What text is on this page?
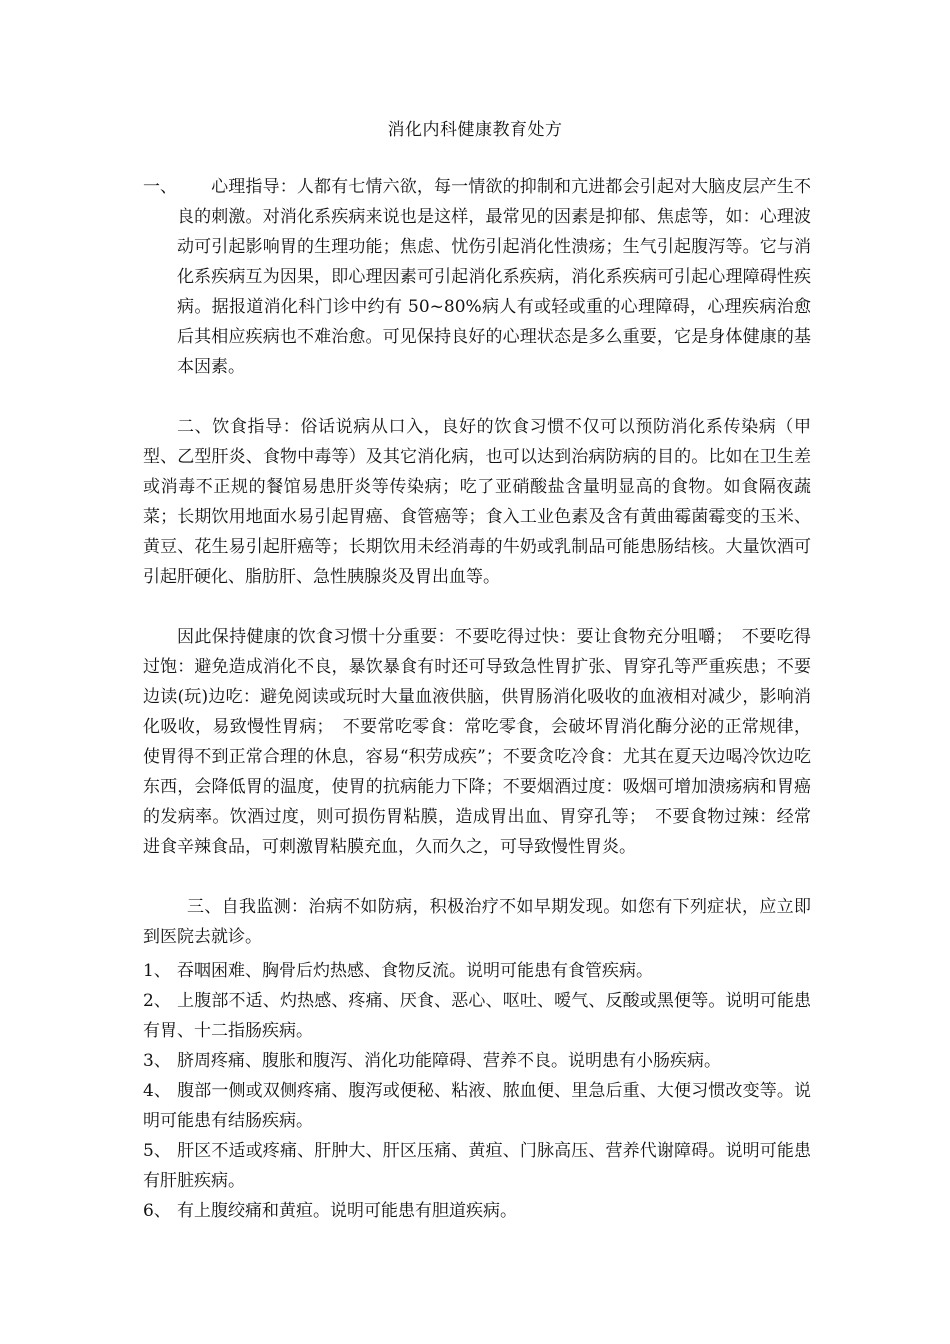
消化内科健康教育处方

一、 心理指导：人都有七情六欲，每一情欲的抑制和亢进都会引起对大脑皮层产生不良的刺激。对消化系疾病来说也是这样，最常见的因素是抑郁、焦虑等，如：心理波动可引起影响胃的生理功能；焦虑、忧伤引起消化性溃疡；生气引起腹泻等。它与消化系疾病互为因果，即心理因素可引起消化系疾病，消化系疾病可引起心理障碍性疾病。据报道消化科门诊中约有 50~80%病人有或轻或重的心理障碍，心理疾病治愈后其相应疾病也不难治愈。可见保持良好的心理状态是多么重要，它是身体健康的基本因素。

二、饮食指导：俗话说病从口入，良好的饮食习惯不仅可以预防消化系传染病（甲型、乙型肝炎、食物中毒等）及其它消化病，也可以达到治病防病的目的。比如在卫生差或消毒不正规的餐馆易患肝炎等传染病；吃了亚硝酸盐含量明显高的食物。如食隔夜蔬菜；长期饮用地面水易引起胃癌、食管癌等；食入工业色素及含有黄曲霉菌霉变的玉米、黄豆、花生易引起肝癌等；长期饮用未经消毒的牛奶或乳制品可能患肠结核。大量饮酒可引起肝硬化、脂肪肝、急性胰腺炎及胃出血等。

因此保持健康的饮食习惯十分重要：不要吃得过快：要让食物充分咀嚼；　不要吃得过饱：避免造成消化不良，暴饮暴食有时还可导致急性胃扩张、胃穿孔等严重疾患；不要边读(玩)边吃：避免阅读或玩时大量血液供脑，供胃肠消化吸收的血液相对减少，影响消化吸收，易致慢性胃病；　不要常吃零食：常吃零食，会破坏胃消化酶分泌的正常规律，使胃得不到正常合理的休息，容易“积劳成疾”；不要贪吃冷食：尤其在夏天边喝冷饮边吃东西，会降低胃的温度，使胃的抗病能力下降；不要烟酒过度：吸烟可增加溃疡病和胃癌的发病率。饮酒过度，则可损伤胃粘膜，造成胃出血、胃穿孔等；　不要食物过辣：经常进食辛辣食品，可刺激胃粘膜充血，久而久之，可导致慢性胃炎。

三、自我监测：治病不如防病，积极治疗不如早期发现。如您有下列症状，应立即到医院去就诊。

1、 吞咽困难、胸骨后灼热感、食物反流。说明可能患有食管疾病。

2、 上腹部不适、灼热感、疼痛、厌食、恶心、呕吐、嗳气、反酸或黑便等。说明可能患有胃、十二指肠疾病。

3、 脐周疼痛、腹胀和腹泻、消化功能障碍、营养不良。说明患有小肠疾病。

4、 腹部一侧或双侧疼痛、腹泻或便秘、粘液、脓血便、里急后重、大便习惯改变等。说明可能患有结肠疾病。

5、 肝区不适或疼痛、肝肿大、肝区压痛、黄疸、门脉高压、营养代谢障碍。说明可能患有肝脏疾病。

6、 有上腹绞痛和黄疸。说明可能患有胆道疾病。
